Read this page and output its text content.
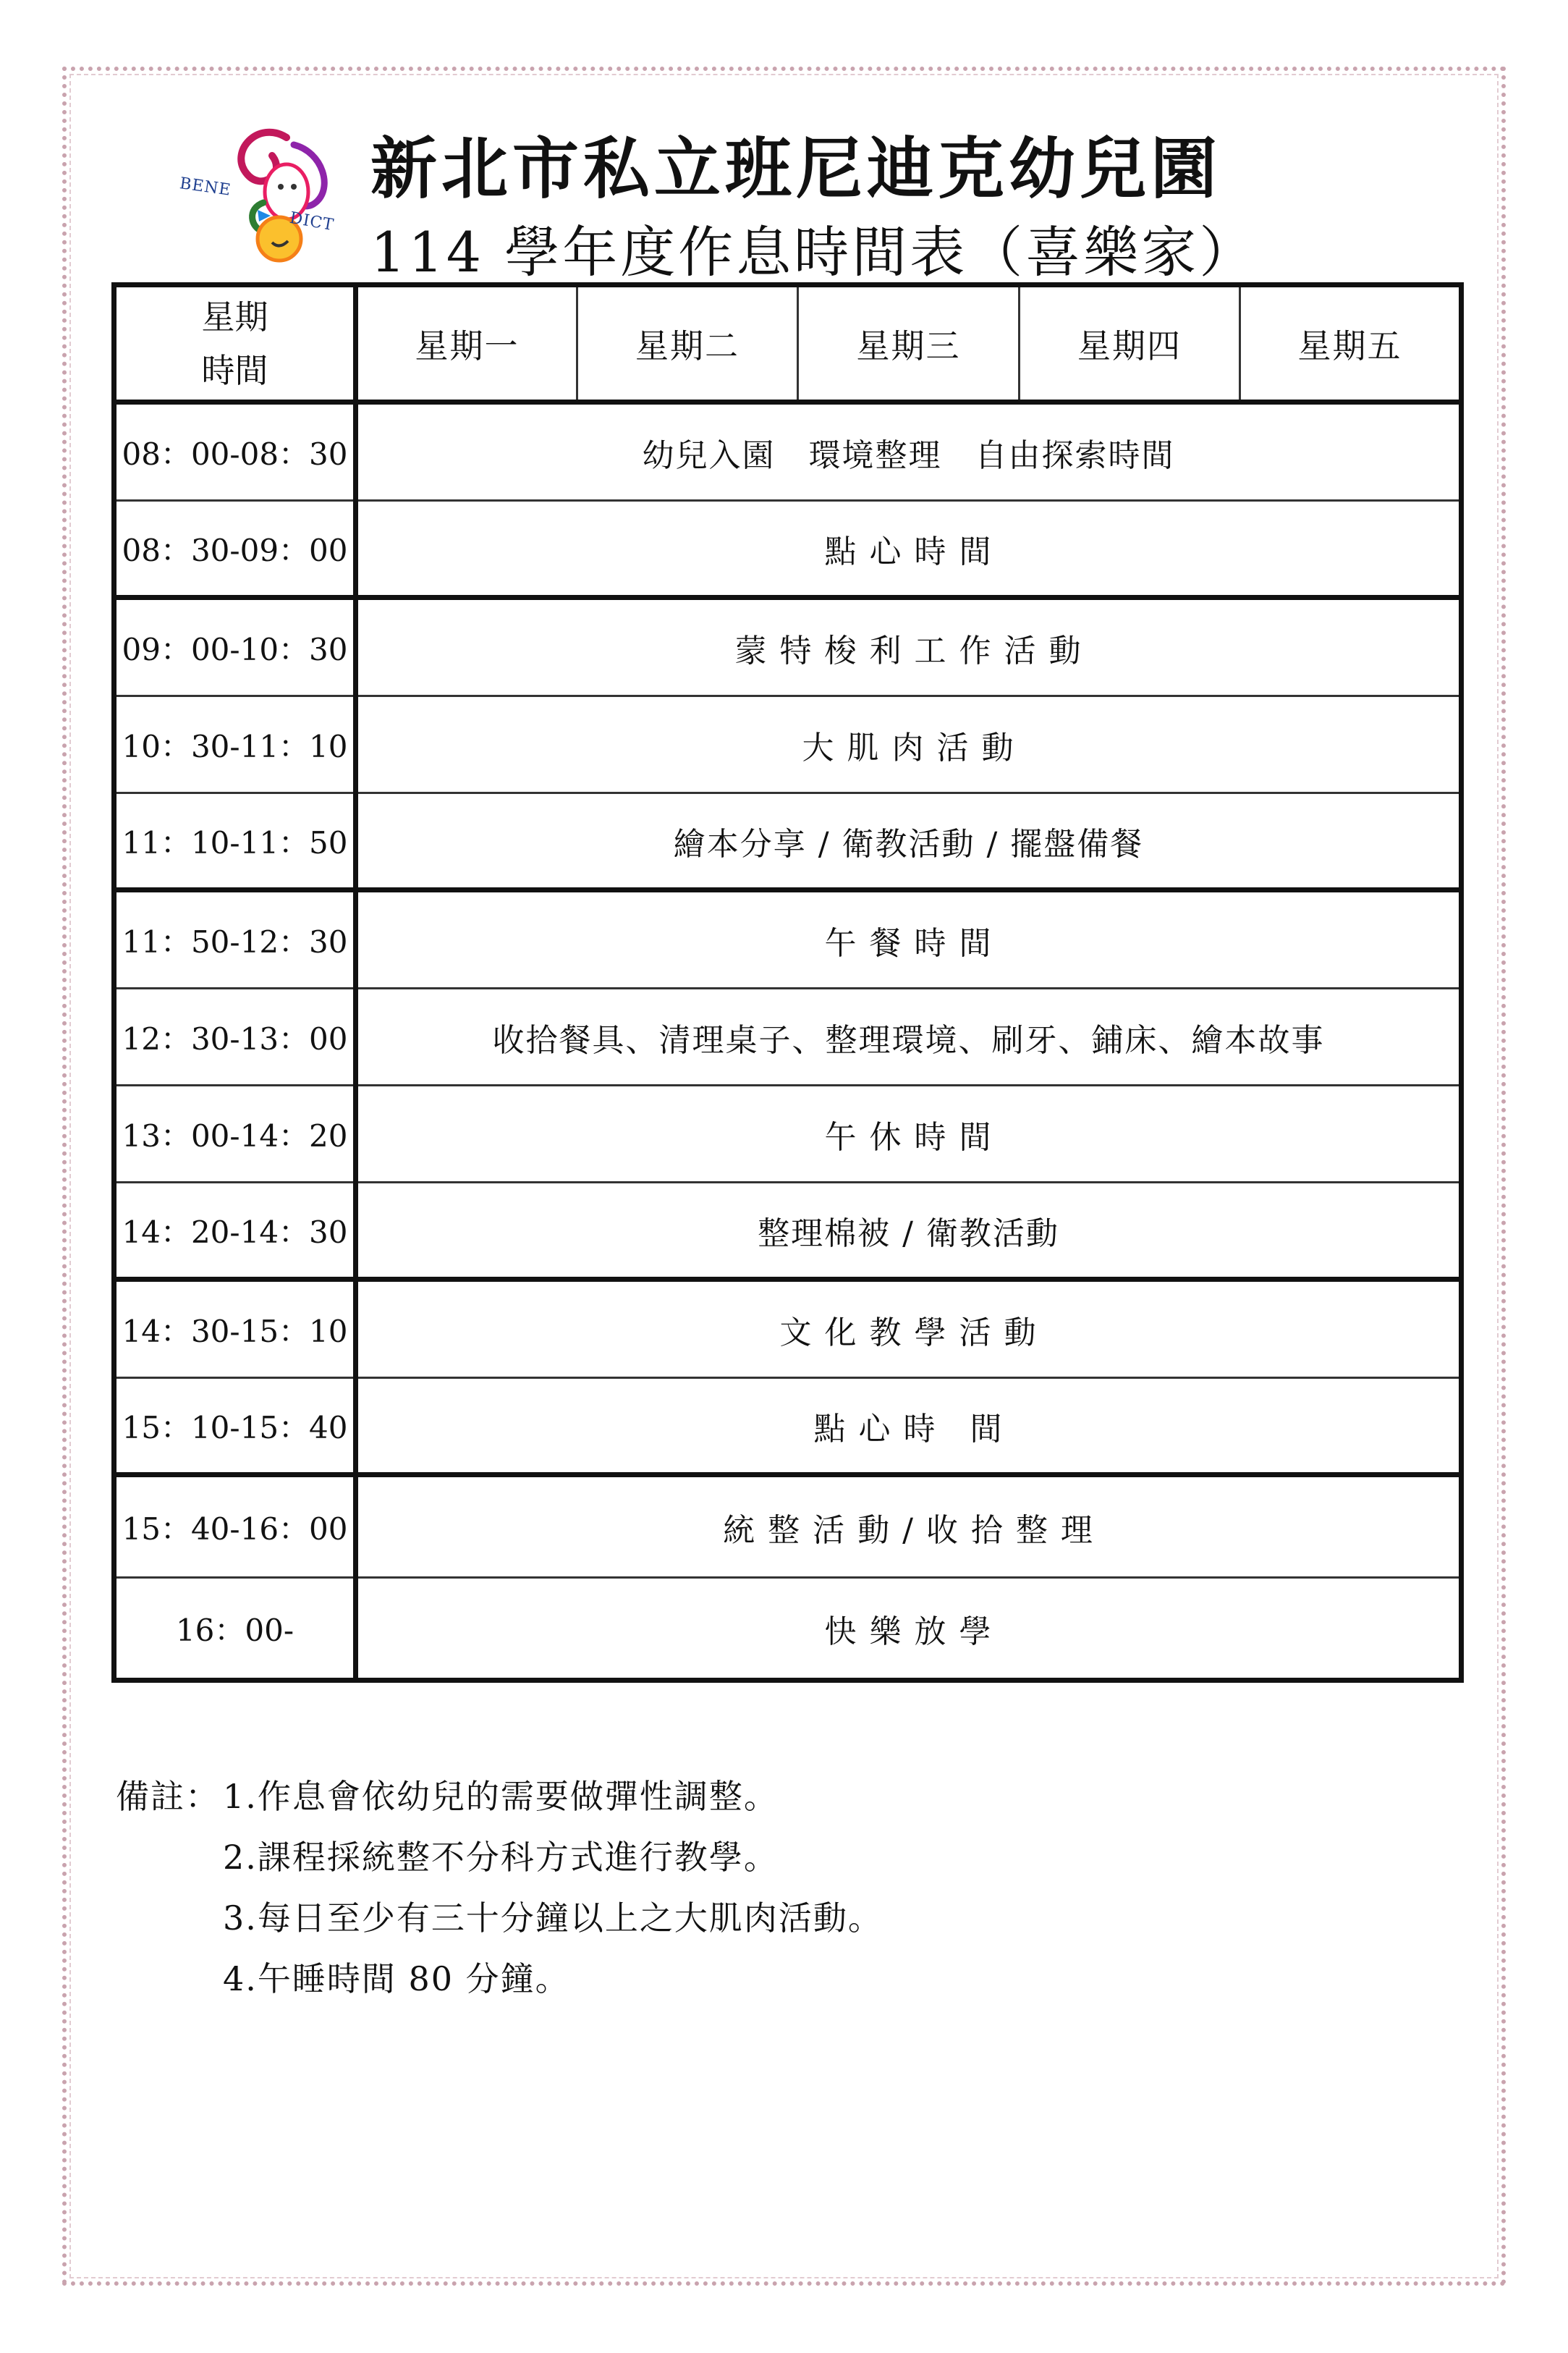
BENE
DICT
新北市私立班尼迪克幼兒園
114 學年度作息時間表（喜樂家）
星期
時間	星期一	星期二	星期三	星期四	星期五
08：00-08：30	幼兒入園　環境整理　自由探索時間				
08：30-09：00	點 心 時 間				
09：00-10：30	蒙 特 梭 利 工 作 活 動				
10：30-11：10	大 肌 肉 活 動				
11：10-11：50	繪本分享 / 衛教活動 / 擺盤備餐				
11：50-12：30	午 餐 時 間				
12：30-13：00	收拾餐具、清理桌子、整理環境、刷牙、鋪床、繪本故事				
13：00-14：20	午 休 時 間				
14：20-14：30	整理棉被 / 衛教活動				
14：30-15：10	文 化 教 學 活 動				
15：10-15：40	點 心 時　間				
15：40-16：00	統 整 活 動 / 收 拾 整 理				
16：00-	快 樂 放 學				
備註：1.作息會依幼兒的需要做彈性調整。
2.課程採統整不分科方式進行教學。
3.每日至少有三十分鐘以上之大肌肉活動。
4.午睡時間 80 分鐘。
